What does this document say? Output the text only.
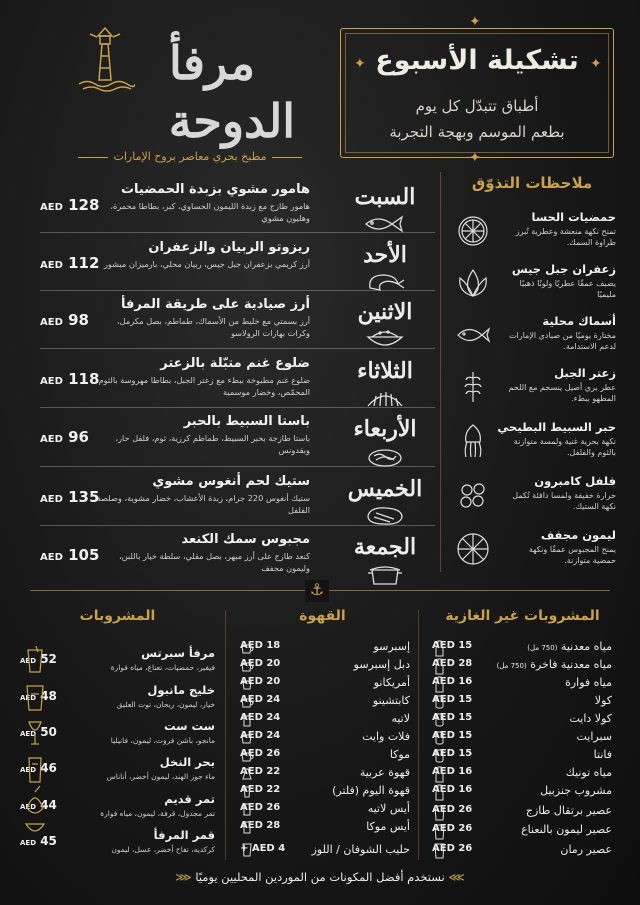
مرفأ
الدوحة
مطبخ بحري معاصر بروح الإمارات
تشكيلة الأسبوع
أطباق تتبدّل كل يوم
بطعم الموسم وبهجة التجربة
✦
✦	✦
✦
السبت
هامور مشوي بزبدة الحمضيات
هامور طازج مع زبدة الليمون الحساوي، كبر، بطاطا محمرة، وهليون مشوي
AED 128
الأحد
ريزوتو الربيان والزعفران
أرز كريمي بزعفران جبل جيس، ربيان محلي، بارميزان مبشور
AED 112
الاثنين
أرز صيادية على طريقة المرفأ
أرز بسمتي مع خليط من الأسماك، طماطم، بصل مكرمل، وكرات بهارات الرولاسو
AED 98
الثلاثاء
ضلوع غنم متبّلة بالزعتر
ضلوع غنم مطبوخة ببطء مع زعتر الجبل، بطاطا مهروسة بالثوم المحمّص، وخضار موسمية
AED 118
الأربعاء
باستا السبيط بالحبر
باستا طازجة بحبر السبيط، طماطم كرزية، ثوم، فلفل حار، وبقدونس
AED 96
الخميس
ستيك لحم أنغوس مشوي
ستيك أنغوس 220 جرام، زبدة الأعشاب، خضار مشوية، وصلصة الفلفل
AED 135
الجمعة
مجبوس سمك الكنعد
كنعد طازج على أرز مبهر، بصل مقلي، سلطة خيار باللبن، وليمون مجفف
AED 105
ملاحظات التذوّق
حمضيات الحسا
تمنح نكهة منعشة وعطرية تُبرز طراوة السمك.
زعفران جبل جيس
يضيف عمقًا عطريًا ولونًا ذهبيًا مليميًا
أسماك محلية
مختارة يوميًا من صيادي الإمارات لدعم الاستدامة.
زعتر الجبل
عطر بري أصيل ينسجم مع اللحم المطهو ببطء.
حبر السبيط البطيحي
نكهة بحرية غنية ولمسة متوازنة بالثوم والفلفل.
فلفل كامبرون
حرارة خفيفة ولمسا دافئة تُكمل نكهة الستيك.
ليمون مجفف
يمنح المجبوس عمقًا ونكهة حمضية متوازنة.
⚓
المشروبات	القهوة	المشروبات غير الغازية
مرفأ سبرتس
فيفير، حمضيات، نعناع، مياه فوارة
AED 52
خليج مانبول
خيار، ليمون، ريحان، توت العليق
AED 48
ست ست
مانجو، باشن فروت، ليمون، فانيليا
AED 50
بحر النخل
ماء جوز الهند، ليمون أخضر، أناناس
AED 46
تمر قديم
تمر مجدول، قرفة، ليمون، مياه فوارة
AED 44
قمر المرفأ
كركديه، تفاح أخضر، عسل، ليمون
AED 45
إسبرسو
AED 18
دبل إسبرسو
AED 20
أمريكانو
AED 20
كابتشينو
AED 24
لاتيه
AED 24
فلات وايت
AED 24
موكا
AED 26
قهوة عربية
AED 22
قهوة اليوم (فلتر)
AED 22
أيس لاتيه
AED 26
أيس موكا
AED 28
حليب الشوفان / اللوز
+ AED 4
مياه معدنية (750 مل)
AED 15
مياه معدنية فاخرة (750 مل)
AED 28
مياه فوارة
AED 16
كولا
AED 15
كولا دايت
AED 15
سبرايت
AED 15
فانتا
AED 15
مياه تونيك
AED 16
مشروب جنزبيل
AED 16
عصير برتقال طازج
AED 26
عصير ليمون بالنعناع
AED 26
عصير رمان
AED 26
⋙ نستخدم أفضل المكونات من الموردين المحليين يوميًا ⋘
